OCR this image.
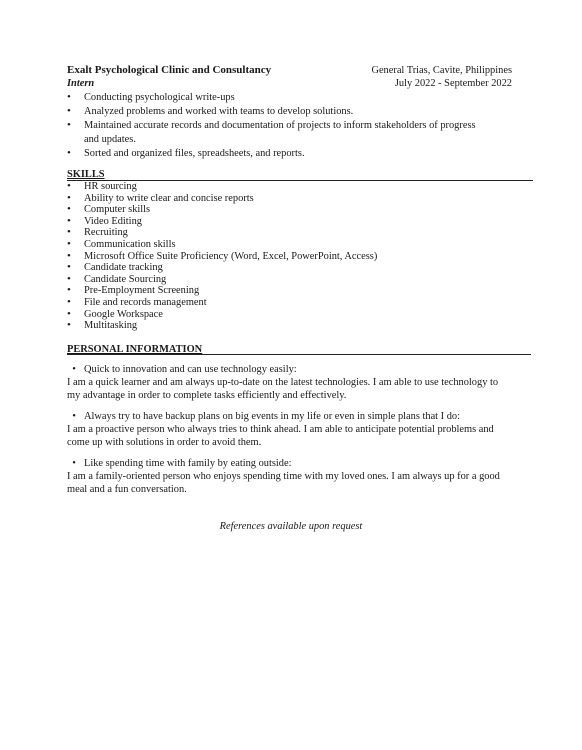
Exalt Psychological Clinic and Consultancy	General Trias, Cavite, Philippines
Intern	July 2022 - September 2022
• Conducting psychological write-ups
• Analyzed problems and worked with teams to develop solutions.
• Maintained accurate records and documentation of projects to inform stakeholders of progress and updates.
• Sorted and organized files, spreadsheets, and reports.
SKILLS
• HR sourcing
• Ability to write clear and concise reports
• Computer skills
• Video Editing
• Recruiting
• Communication skills
• Microsoft Office Suite Proficiency (Word, Excel, PowerPoint, Access)
• Candidate tracking
• Candidate Sourcing
• Pre-Employment Screening
• File and records management
• Google Workspace
• Multitasking
PERSONAL INFORMATION
• Quick to innovation and can use technology easily:
I am a quick learner and am always up-to-date on the latest technologies. I am able to use technology to my advantage in order to complete tasks efficiently and effectively.
• Always try to have backup plans on big events in my life or even in simple plans that I do:
I am a proactive person who always tries to think ahead. I am able to anticipate potential problems and come up with solutions in order to avoid them.
• Like spending time with family by eating outside:
I am a family-oriented person who enjoys spending time with my loved ones. I am always up for a good meal and a fun conversation.
References available upon request
